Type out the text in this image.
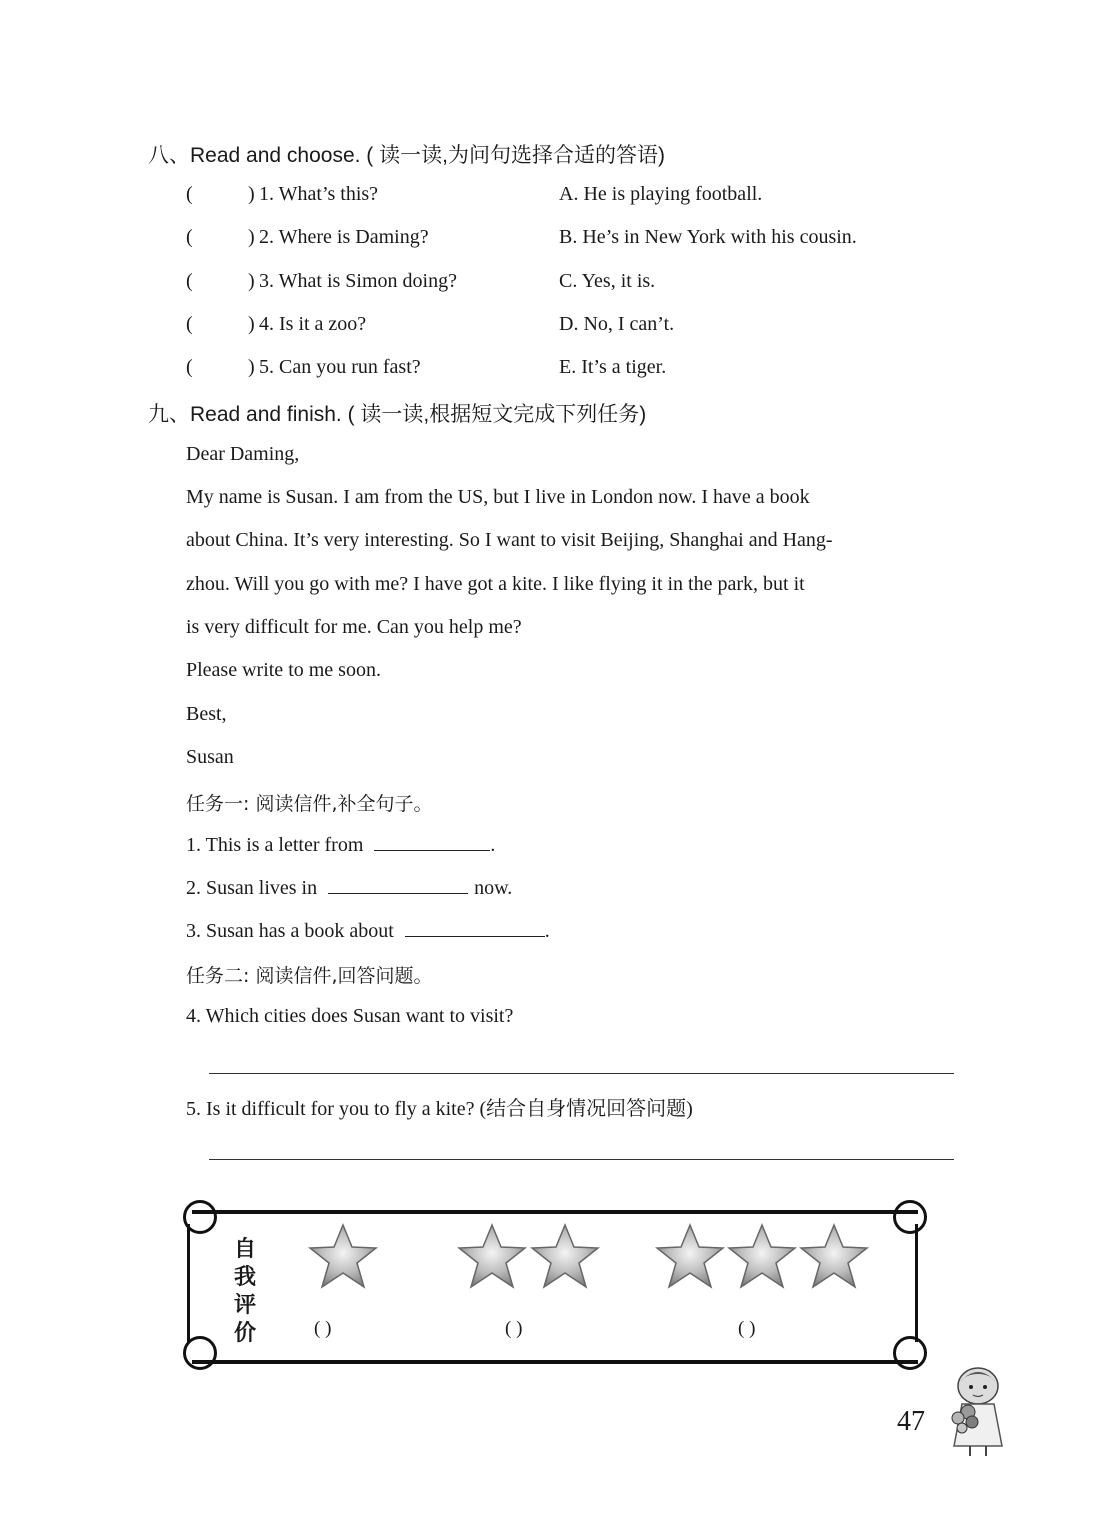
八、Read and choose. ( 读一读,为问句选择合适的答语)
(	) 1. What’s this?	A. He is playing football.
(	) 2. Where is Daming?	B. He’s in New York with his cousin.
(	) 3. What is Simon doing?	C. Yes, it is.
(	) 4. Is it a zoo?	D. No, I can’t.
(	) 5. Can you run fast?	E. It’s a tiger.
九、Read and finish. ( 读一读,根据短文完成下列任务)
Dear Daming,
My name is Susan. I am from the US, but I live in London now. I have a book
about China. It’s very interesting. So I want to visit Beijing, Shanghai and Hang-
zhou. Will you go with me? I have got a kite. I like flying it in the park, but it
is very difficult for me. Can you help me?
Please write to me soon.
Best,
Susan
任务一: 阅读信件,补全句子。
1. This is a letter from	.
2. Susan lives in	now.
3. Susan has a book about	.
任务二: 阅读信件,回答问题。
4. Which cities does Susan want to visit?
5. Is it difficult for you to fly a kite? (结合自身情况回答问题)
自
我
评
价	( )	( )	( )
47
